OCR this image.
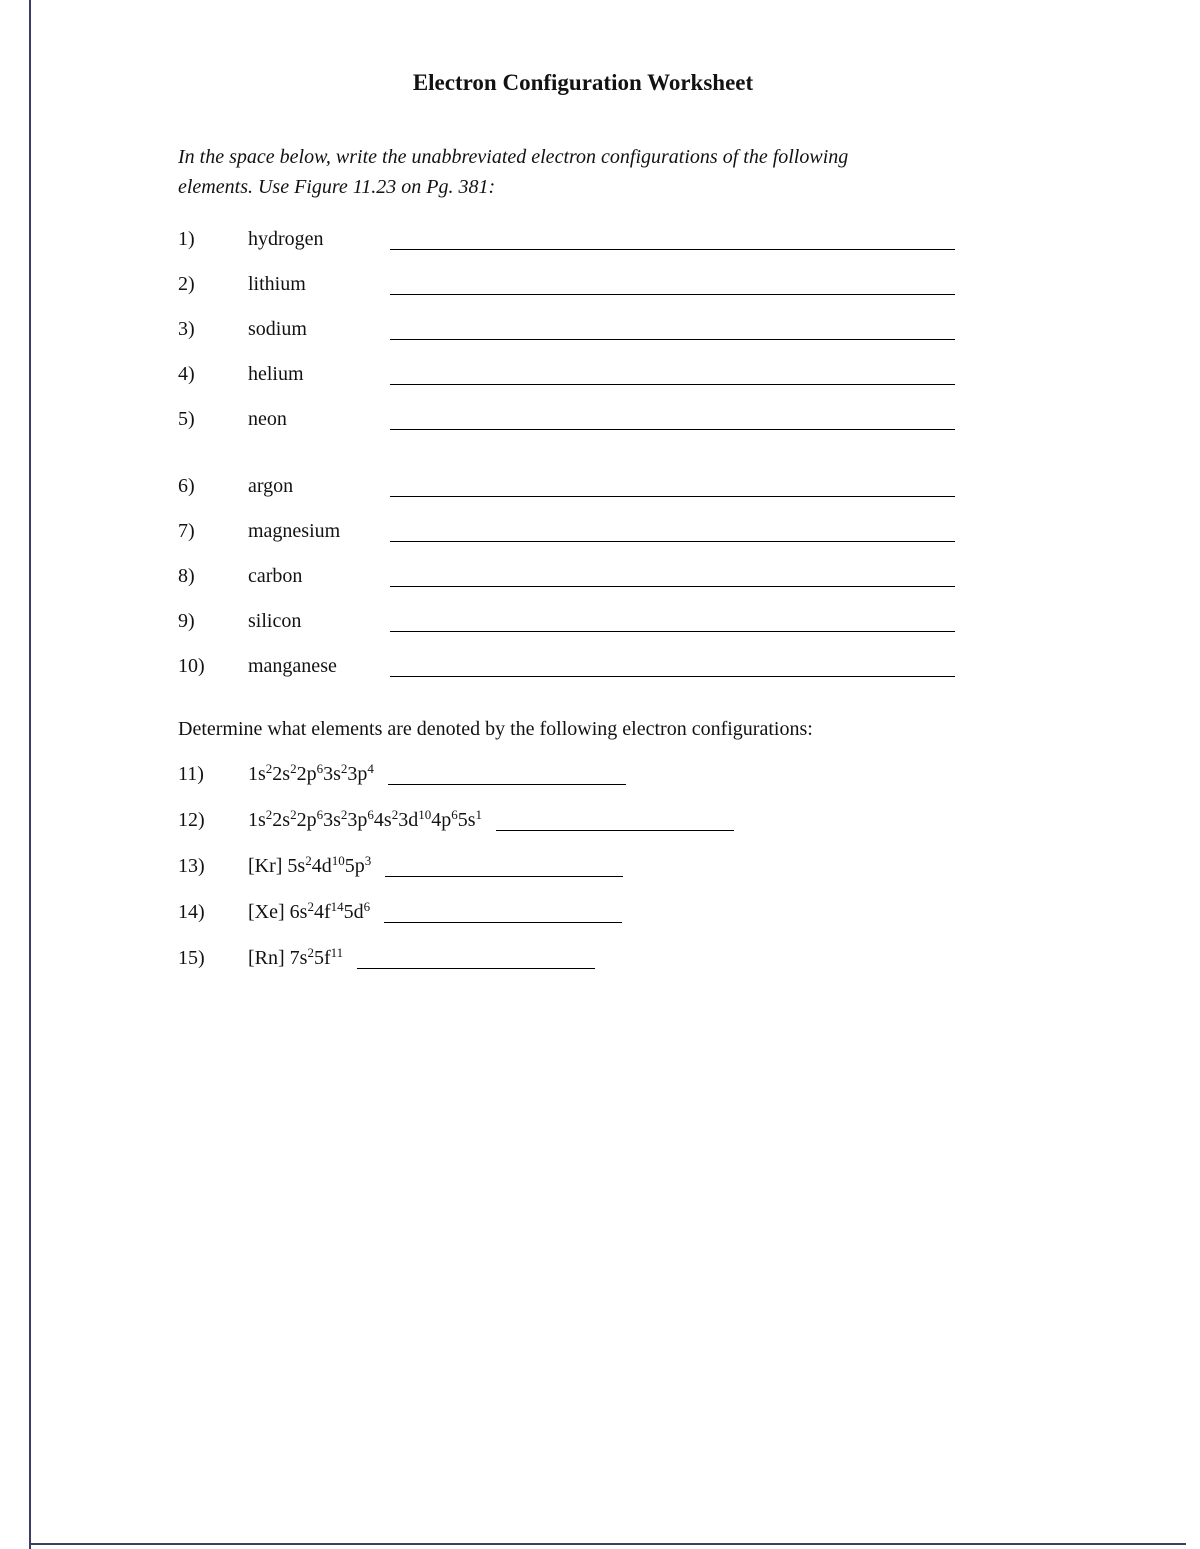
Electron Configuration Worksheet

In the space below, write the unabbreviated electron configurations of the following
elements. Use Figure 11.23 on Pg. 381:

1)	hydrogen
2)	lithium
3)	sodium
4)	helium
5)	neon
6)	argon
7)	magnesium
8)	carbon
9)	silicon
10)	manganese

Determine what elements are denoted by the following electron configurations:

11)	$1s^22s^22p^63s^23p^4$
12)	$1s^22s^22p^63s^23p^64s^23d^{10}4p^65s^1$
13)	[Kr] $5s^24d^{10}5p^3$
14)	[Xe] $6s^24f^{14}5d^6$
15)	[Rn] $7s^25f^{11}$
